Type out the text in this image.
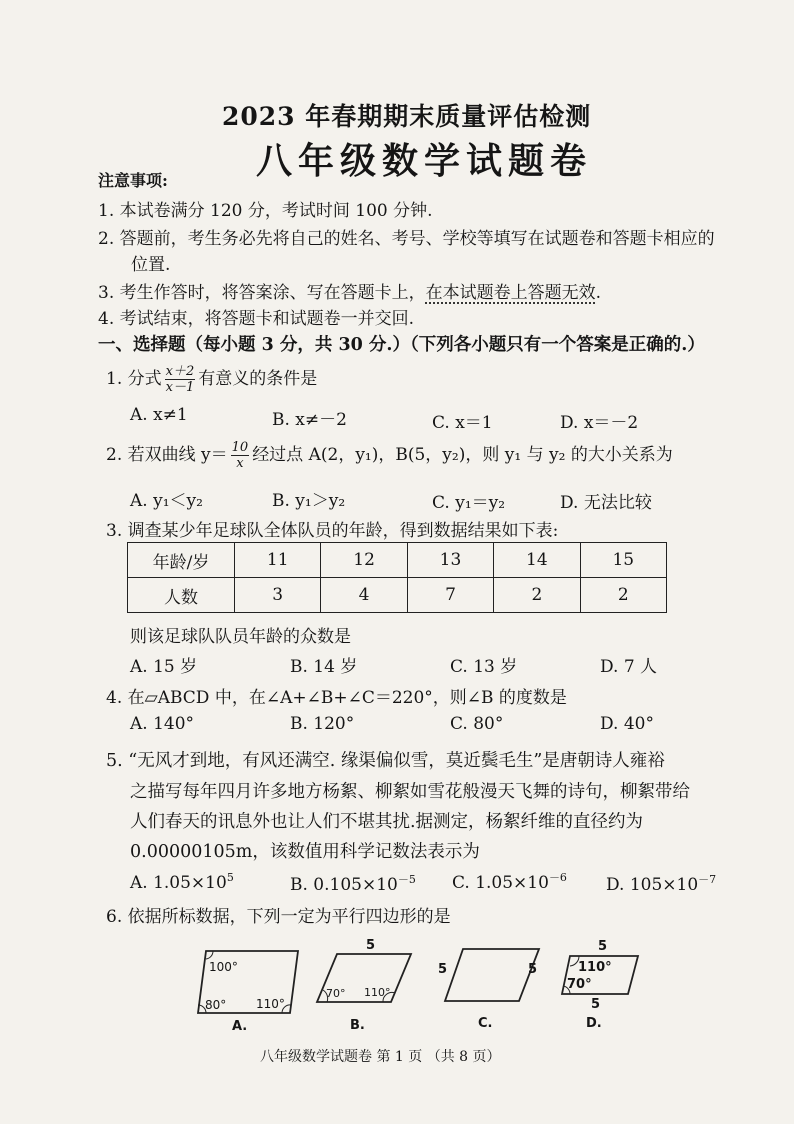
2023 年春期期末质量评估检测
八年级数学试题卷
注意事项:
1. 本试卷满分 120 分，考试时间 100 分钟.
2. 答题前，考生务必先将自己的姓名、考号、学校等填写在试题卷和答题卡相应的
位置.
3. 考生作答时，将答案涂、写在答题卡上，在本试题卷上答题无效.
4. 考试结束，将答题卡和试题卷一并交回.
一、选择题（每小题 3 分，共 30 分.）（下列各小题只有一个答案是正确的.）
1. 分式 $\frac{x+2}{x-1}$ 有意义的条件是
A. x≠1	B. x≠－2	C. x＝1	D. x＝－2
2. 若双曲线 $y= \frac{10}{x}$ 经过点 A(2，y₁)，B(5，y₂)，则 y₁ 与 y₂ 的大小关系为
A. y₁＜y₂	B. y₁＞y₂	C. y₁＝y₂	D. 无法比较
3. 调查某少年足球队全体队员的年龄，得到数据结果如下表:
年龄/岁	11	12	13	14	15
人数	3	4	7	2	2
则该足球队队员年龄的众数是
A. 15 岁	B. 14 岁	C. 13 岁	D. 7 人
4. 在▱ABCD 中，在∠A+∠B+∠C＝220°，则∠B 的度数是
A. 140°	B. 120°	C. 80°	D. 40°
5. “无风才到地，有风还满空. 缘渠偏似雪，莫近鬓毛生”是唐朝诗人雍裕
之描写每年四月许多地方杨絮、柳絮如雪花般漫天飞舞的诗句，柳絮带给
人们春天的讯息外也让人们不堪其扰.据测定，杨絮纤维的直径约为
0.00000105m，该数值用科学记数法表示为
A. $1.05\times 10^5$	B. $0.105\times 10^{-5}$ C. $1.05\times 10^{-6}$ D. $105\times 10^{-7}$
6. 依据所标数据，下列一定为平行四边形的是
100°
80° 110°
A.
5
70° 110°
B.
5	5
C.
5
110°
70°
5
D.
八年级数学试题卷 第 1 页 （共 8 页）
